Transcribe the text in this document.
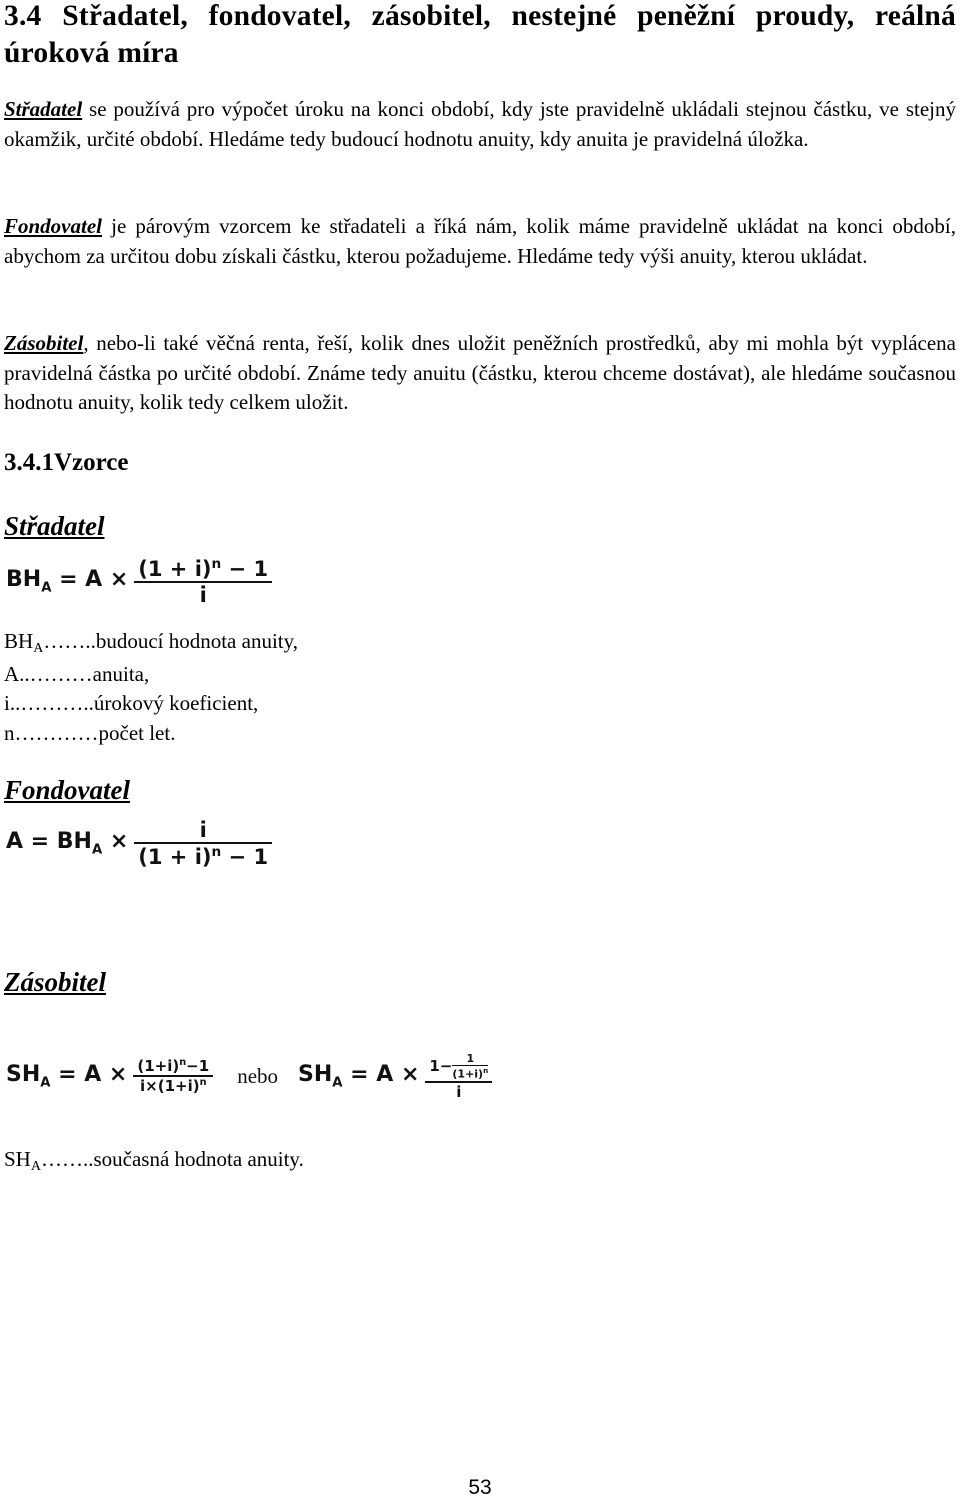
3.4 Střadatel, fondovatel, zásobitel, nestejné peněžní proudy, reálná úroková míra

Střadatel se používá pro výpočet úroku na konci období, kdy jste pravidelně ukládali stejnou částku, ve stejný okamžik, určité období. Hledáme tedy budoucí hodnotu anuity, kdy anuita je pravidelná úložka.

Fondovatel je párovým vzorcem ke střadateli a říká nám, kolik máme pravidelně ukládat na konci období, abychom za určitou dobu získali částku, kterou požadujeme. Hledáme tedy výši anuity, kterou ukládat.

Zásobitel, nebo-li také věčná renta, řeší, kolik dnes uložit peněžních prostředků, aby mi mohla být vyplácena pravidelná částka po určité období. Známe tedy anuitu (částku, kterou chceme dostávat), ale hledáme současnou hodnotu anuity, kolik tedy celkem uložit.

3.4.1Vzorce
Střadatel
$BH_A = A \times \frac{(1 + i)^n - 1}{i}$
BHA……..budoucí hodnota anuity,
A..………anuita,
i..………..úrokový koeficient,
n…………počet let.
Fondovatel
$A = BH_A \times \frac{i}{(1 + i)^n - 1}$
Zásobitel
$SH_A = A \times \frac{(1+i)^n-1}{i\times(1+i)^n}$ nebo $SH_A = A \times \frac{1- \frac{1}{(1+i)^n}}{i}$
SHA……..současná hodnota anuity.
53
